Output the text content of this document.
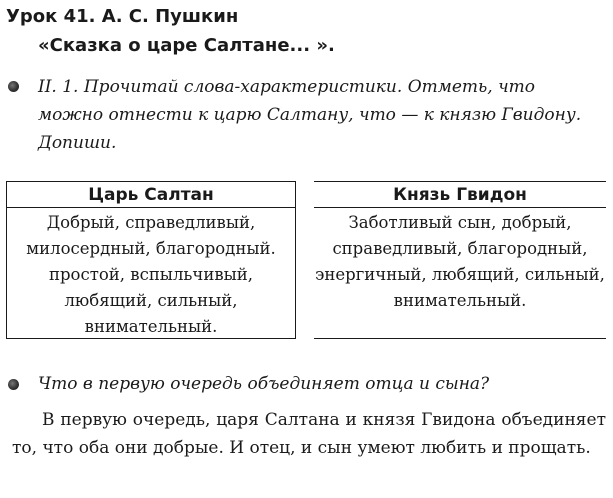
Урок 41. А. С. Пушкин
«Сказка о царе Салтане... ».

II. 1. Прочитай слова-характеристики. Отметь, что можно отнести к царю Салтану, что — к князю Гвидону. Допиши.

Царь Салтан
Добрый, справедливый, милосердный, благородный. простой, вспыльчивый, любящий, сильный, внимательный.
Князь Гвидон
Заботливый сын, добрый, справедливый, благородный, энергичный, любящий, сильный, внимательный.

Что в первую очередь объединяет отца и сына?

В первую очередь, царя Салтана и князя Гвидона объединяет то, что оба они добрые. И отец, и сын умеют любить и прощать.
